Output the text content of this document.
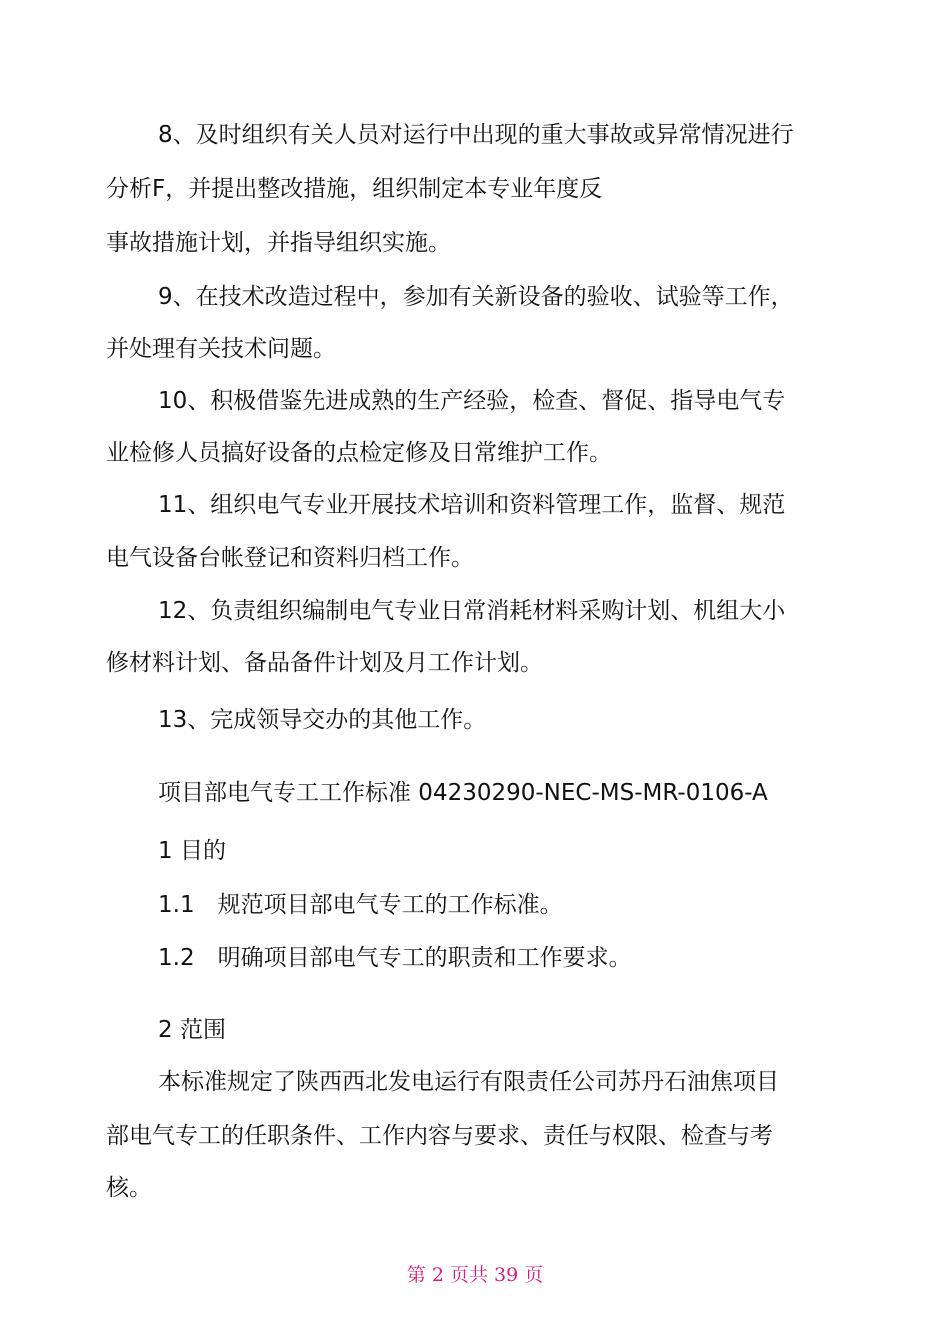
8、及时组织有关人员对运行中出现的重大事故或异常情况进行
分析F，并提出整改措施，组织制定本专业年度反
事故措施计划，并指导组织实施。
9、在技术改造过程中，参加有关新设备的验收、试验等工作，
并处理有关技术问题。
10、积极借鉴先进成熟的生产经验，检查、督促、指导电气专
业检修人员搞好设备的点检定修及日常维护工作。
11、组织电气专业开展技术培训和资料管理工作，监督、规范
电气设备台帐登记和资料归档工作。
12、负责组织编制电气专业日常消耗材料采购计划、机组大小
修材料计划、备品备件计划及月工作计划。
13、完成领导交办的其他工作。
项目部电气专工工作标准 04230290-NEC-MS-MR-0106-A
1 目的
1.1　规范项目部电气专工的工作标准。
1.2　明确项目部电气专工的职责和工作要求。
2 范围
本标准规定了陕西西北发电运行有限责任公司苏丹石油焦项目
部电气专工的任职条件、工作内容与要求、责任与权限、检查与考
核。
第 2 页共 39 页
